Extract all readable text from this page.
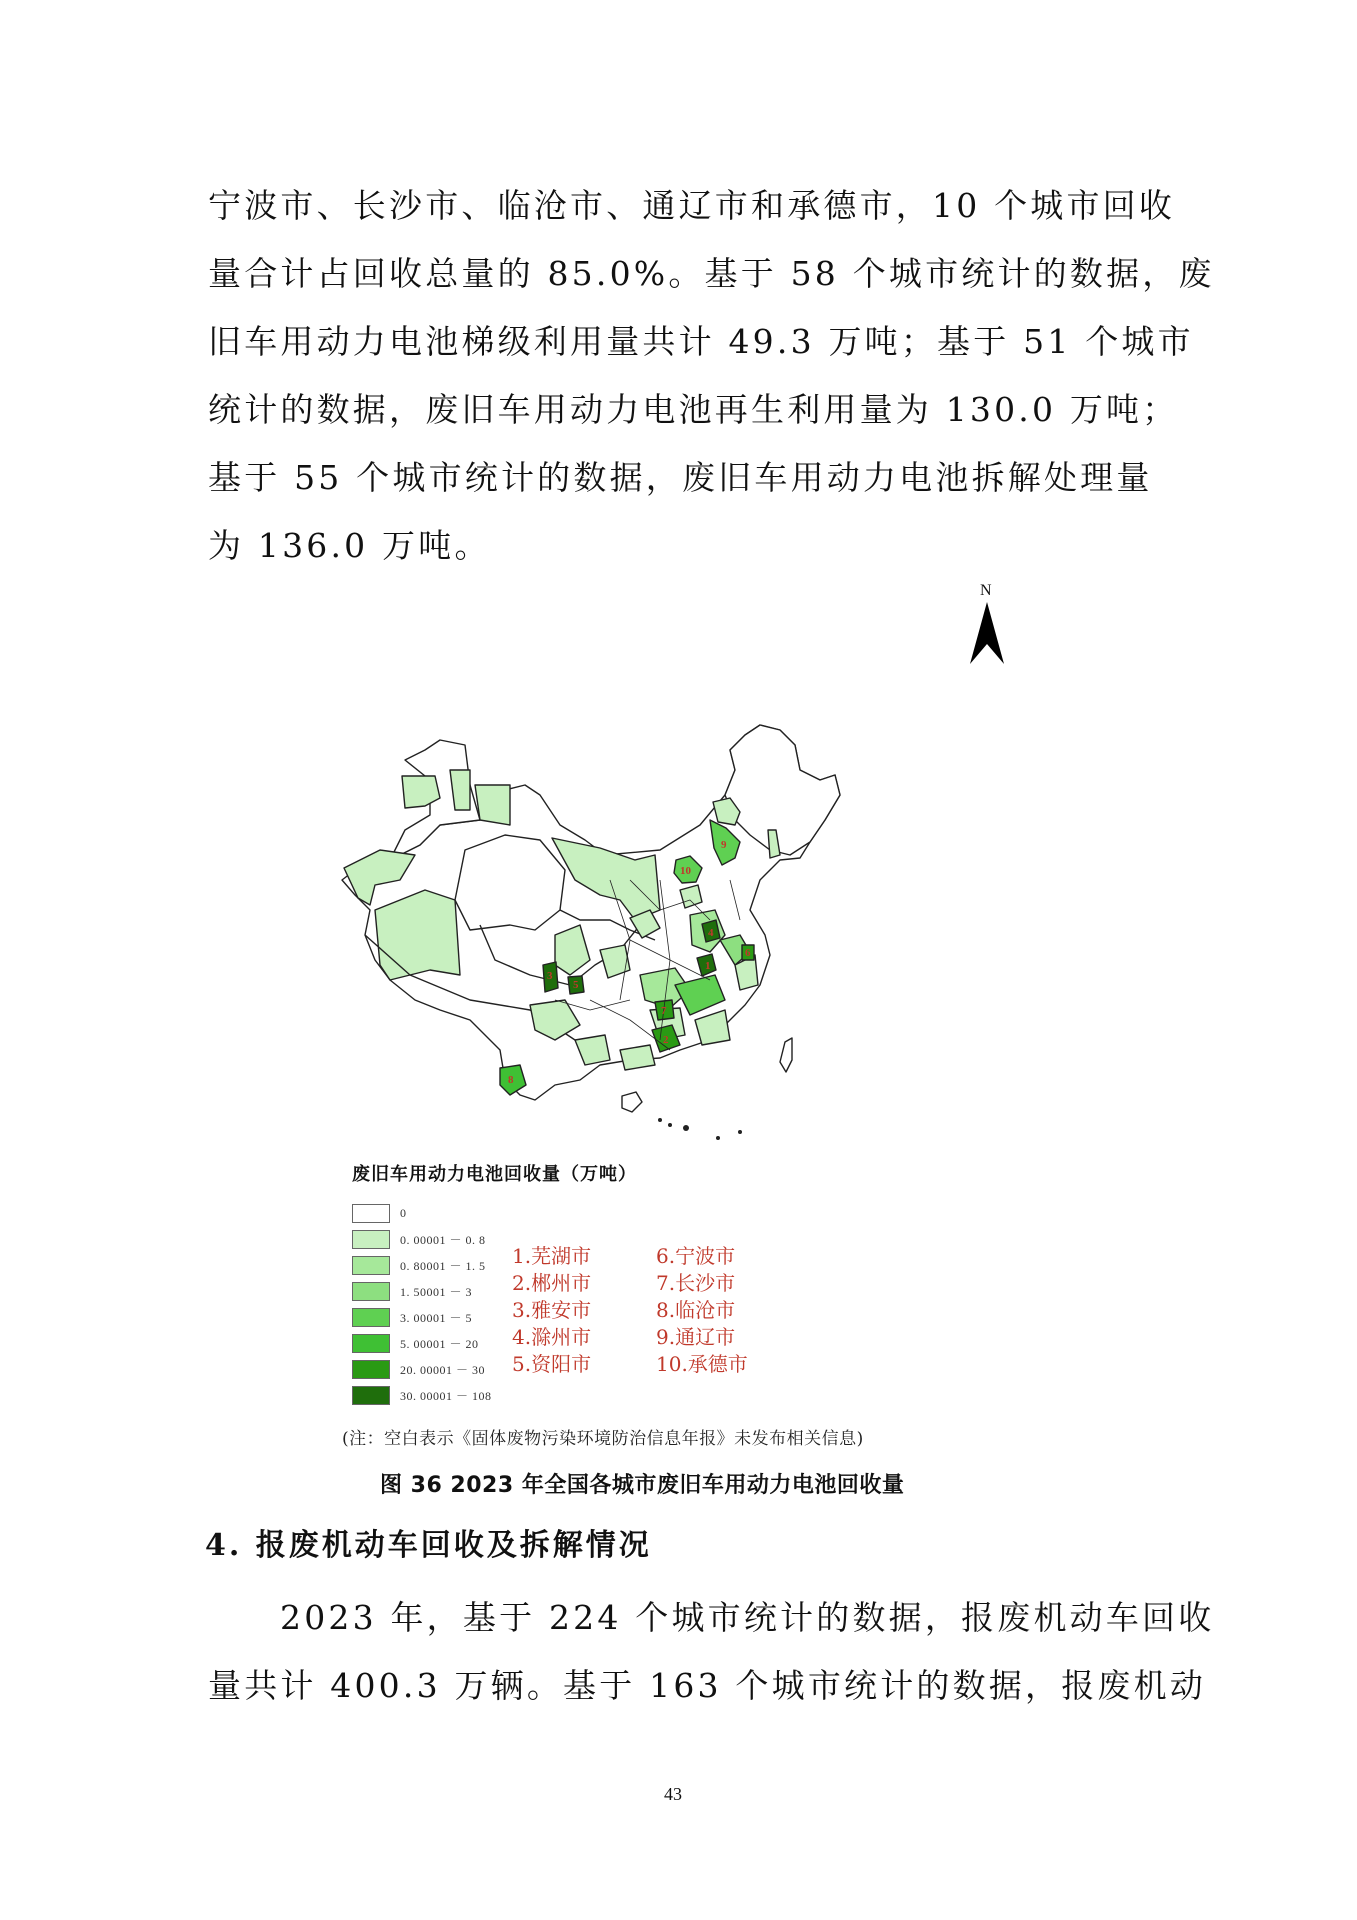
宁波市、长沙市、临沧市、通辽市和承德市，10 个城市回收
量合计占回收总量的 85.0%。基于 58 个城市统计的数据，废
旧车用动力电池梯级利用量共计 49.3 万吨；基于 51 个城市
统计的数据，废旧车用动力电池再生利用量为 130.0 万吨；
基于 55 个城市统计的数据，废旧车用动力电池拆解处理量
为 136.0 万吨。
1
2
3
4
5
6
7
8
9
10
N
废旧车用动力电池回收量（万吨）
0
0. 00001 － 0. 8
0. 80001 － 1. 5
1. 50001 － 3
3. 00001 － 5
5. 00001 － 20
20. 00001 － 30
30. 00001 － 108
1.芜湖市
2.郴州市
3.雅安市
4.滁州市
5.资阳市
6.宁波市
7.长沙市
8.临沧市
9.通辽市
10.承德市
(注：空白表示《固体废物污染环境防治信息年报》未发布相关信息)
图 36 2023 年全国各城市废旧车用动力电池回收量
4. 报废机动车回收及拆解情况
2023 年，基于 224 个城市统计的数据，报废机动车回收
量共计 400.3 万辆。基于 163 个城市统计的数据，报废机动
43
